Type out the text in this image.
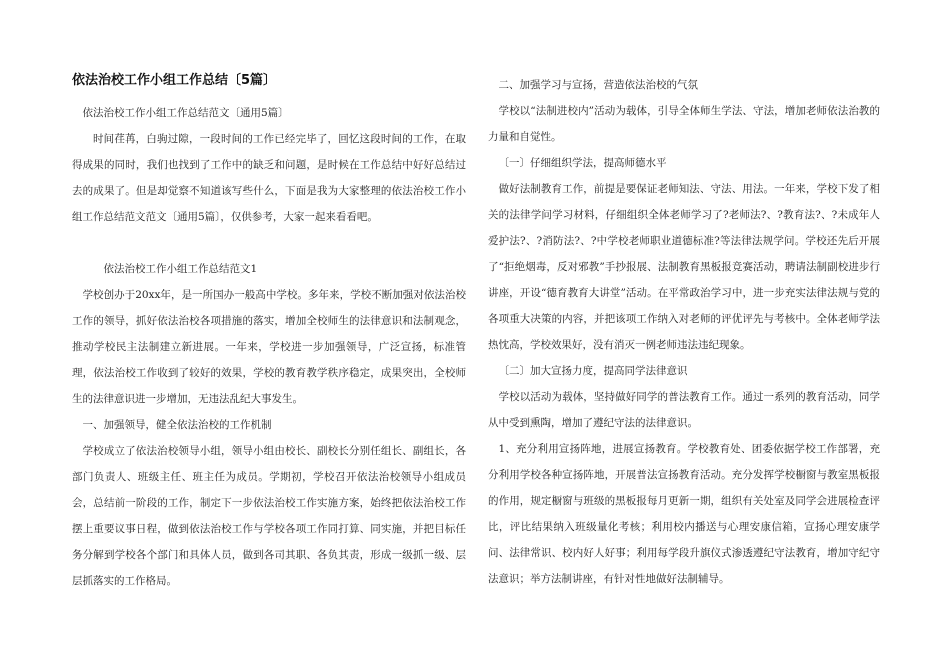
依法治校工作小组工作总结〔5篇〕

依法治校工作小组工作总结范文〔通用5篇〕

时间荏苒，白驹过隙，一段时间的工作已经完毕了，回忆这段时间的工作，在取得成果的同时，我们也找到了工作中的缺乏和问题，是时候在工作总结中好好总结过去的成果了。但是却觉察不知道该写些什么，下面是我为大家整理的依法治校工作小组工作总结范文范文〔通用5篇〕，仅供参考，大家一起来看看吧。

依法治校工作小组工作总结范文1

学校创办于20xx年，是一所国办一般高中学校。多年来，学校不断加强对依法治校工作的领导，抓好依法治校各项措施的落实，增加全校师生的法律意识和法制观念，推动学校民主法制建立新进展。一年来，学校进一步加强领导，广泛宣扬，标准管理，依法治校工作收到了较好的效果，学校的教育教学秩序稳定，成果突出，全校师生的法律意识进一步增加，无违法乱纪大事发生。

一、加强领导，健全依法治校的工作机制

学校成立了依法治校领导小组，领导小组由校长、副校长分别任组长、副组长，各部门负责人、班级主任、班主任为成员。学期初，学校召开依法治校领导小组成员会，总结前一阶段的工作，制定下一步依法治校工作实施方案，始终把依法治校工作摆上重要议事日程，做到依法治校工作与学校各项工作同打算、同实施，并把目标任务分解到学校各个部门和具体人员，做到各司其职、各负其责，形成一级抓一级、层层抓落实的工作格局。

二、加强学习与宣扬，营造依法治校的气氛

学校以“法制进校内”活动为载体，引导全体师生学法、守法，增加老师依法治教的力量和自觉性。

〔一〕仔细组织学法，提高师德水平

做好法制教育工作，前提是要保证老师知法、守法、用法。一年来，学校下发了相关的法律学问学习材料，仔细组织全体老师学习了?老师法?、?教育法?、?未成年人爱护法?、?消防法?、?中学校老师职业道德标准?等法律法规学问。学校还先后开展了“拒绝烟毒，反对邪教”手抄报展、法制教育黑板报竞赛活动，聘请法制副校进步行讲座，开设“德育教育大讲堂”活动。在平常政治学习中，进一步充实法律法规与党的各项重大决策的内容，并把该项工作纳入对老师的评优评先与考核中。全体老师学法热忱高，学校效果好，没有消灭一例老师违法违纪现象。

〔二〕加大宣扬力度，提高同学法律意识

学校以活动为载体，坚持做好同学的普法教育工作。通过一系列的教育活动，同学从中受到熏陶，增加了遵纪守法的法律意识。

1、充分利用宣扬阵地，进展宣扬教育。学校教育处、团委依据学校工作部署，充分利用学校各种宣扬阵地，开展普法宣扬教育活动。充分发挥学校橱窗与教室黑板报的作用，规定橱窗与班级的黑板报每月更新一期，组织有关处室及同学会进展检查评比，评比结果纳入班级量化考核；利用校内播送与心理安康信箱，宣扬心理安康学问、法律常识、校内好人好事；利用每学段升旗仪式渗透遵纪守法教育，增加守纪守法意识；举方法制讲座，有针对性地做好法制辅导。
